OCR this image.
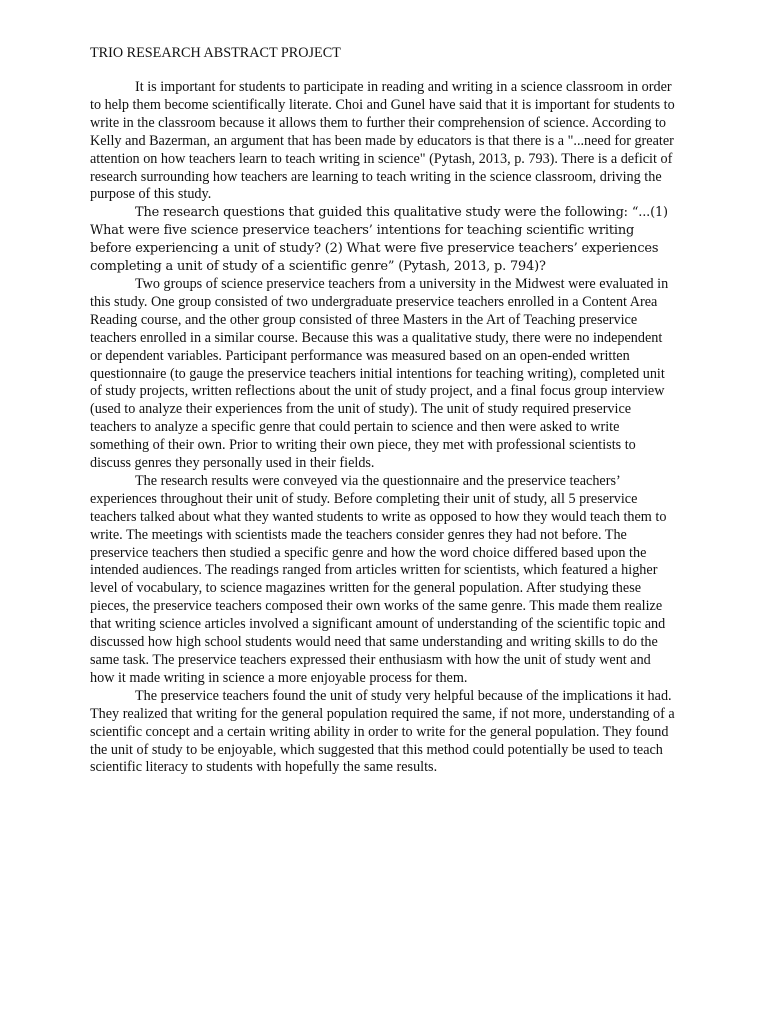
TRIO RESEARCH ABSTRACT PROJECT

It is important for students to participate in reading and writing in a science classroom in order to help them become scientifically literate. Choi and Gunel have said that it is important for students to write in the classroom because it allows them to further their comprehension of science. According to Kelly and Bazerman, an argument that has been made by educators is that there is a "...need for greater attention on how teachers learn to teach writing in science" (Pytash, 2013, p. 793). There is a deficit of research surrounding how teachers are learning to teach writing in the science classroom, driving the purpose of this study.

The research questions that guided this qualitative study were the following: “...(1) What were five science preservice teachers’ intentions for teaching scientific writing before experiencing a unit of study? (2) What were five preservice teachers’ experiences completing a unit of study of a scientific genre” (Pytash, 2013, p. 794)?

Two groups of science preservice teachers from a university in the Midwest were evaluated in this study. One group consisted of two undergraduate preservice teachers enrolled in a Content Area Reading course, and the other group consisted of three Masters in the Art of Teaching preservice teachers enrolled in a similar course. Because this was a qualitative study, there were no independent or dependent variables. Participant performance was measured based on an open-ended written questionnaire (to gauge the preservice teachers initial intentions for teaching writing), completed unit of study projects, written reflections about the unit of study project, and a final focus group interview (used to analyze their experiences from the unit of study). The unit of study required preservice teachers to analyze a specific genre that could pertain to science and then were asked to write something of their own. Prior to writing their own piece, they met with professional scientists to discuss genres they personally used in their fields.

The research results were conveyed via the questionnaire and the preservice teachers’ experiences throughout their unit of study. Before completing their unit of study, all 5 preservice teachers talked about what they wanted students to write as opposed to how they would teach them to write. The meetings with scientists made the teachers consider genres they had not before. The preservice teachers then studied a specific genre and how the word choice differed based upon the intended audiences. The readings ranged from articles written for scientists, which featured a higher level of vocabulary, to science magazines written for the general population. After studying these pieces, the preservice teachers composed their own works of the same genre. This made them realize that writing science articles involved a significant amount of understanding of the scientific topic and discussed how high school students would need that same understanding and writing skills to do the same task. The preservice teachers expressed their enthusiasm with how the unit of study went and how it made writing in science a more enjoyable process for them.

The preservice teachers found the unit of study very helpful because of the implications it had. They realized that writing for the general population required the same, if not more, understanding of a scientific concept and a certain writing ability in order to write for the general population. They found the unit of study to be enjoyable, which suggested that this method could potentially be used to teach scientific literacy to students with hopefully the same results.
